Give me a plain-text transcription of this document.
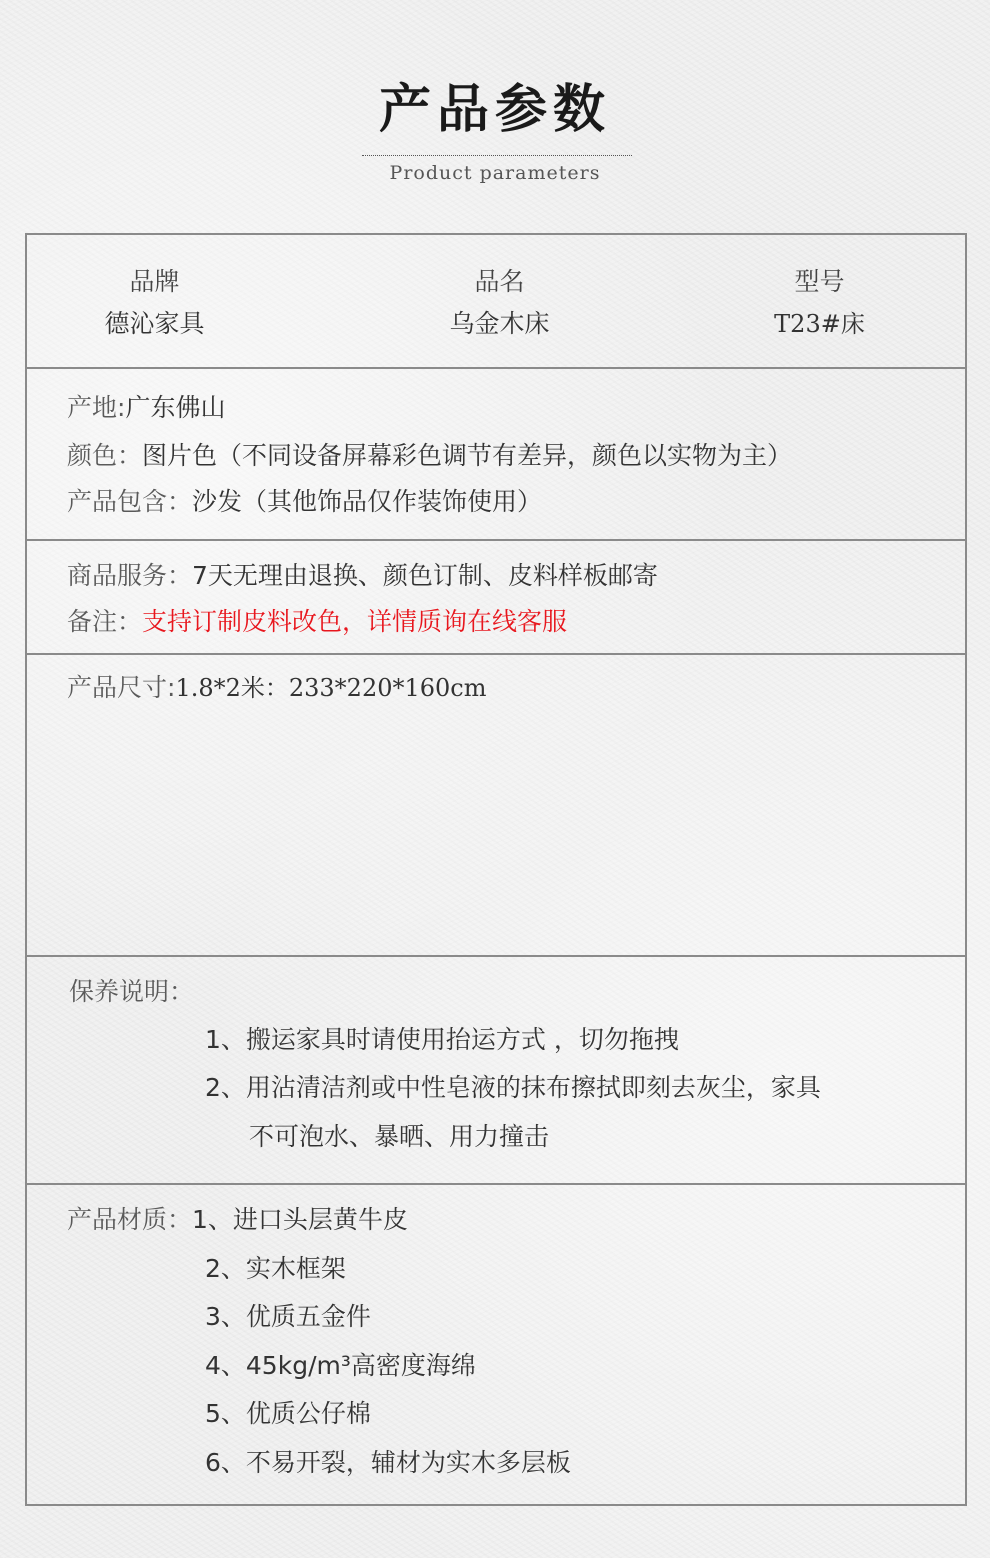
产品参数
Product parameters
品牌
德沁家具
品名
乌金木床
型号
T23#床
产地:广东佛山
颜色：图片色（不同设备屏幕彩色调节有差异，颜色以实物为主）
产品包含：沙发（其他饰品仅作装饰使用）
商品服务：7天无理由退换、颜色订制、皮料样板邮寄
备注：支持订制皮料改色，详情质询在线客服
产品尺寸:1.8*2米：233*220*160cm
保养说明：
1、搬运家具时请使用抬运方式 ，切勿拖拽
2、用沾清洁剂或中性皂液的抹布擦拭即刻去灰尘，家具
不可泡水、暴晒、用力撞击
产品材质：1、进口头层黄牛皮
2、实木框架
3、优质五金件
4、45kg/m³高密度海绵
5、优质公仔棉
6、不易开裂，辅材为实木多层板
